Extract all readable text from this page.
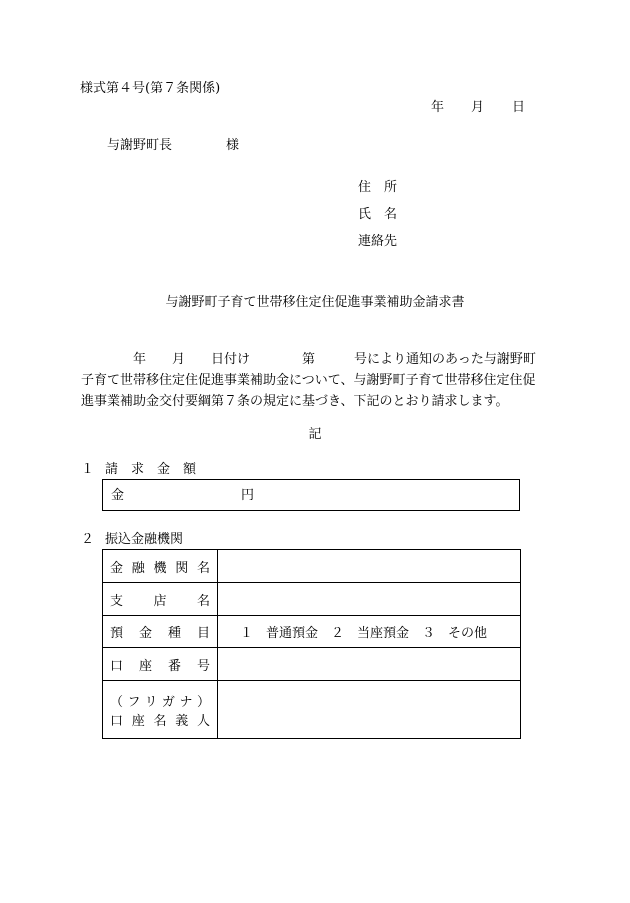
様式第４号(第７条関係)
年 月 日
与謝野町長	様
住　所
氏　名
連絡先
与謝野町子育て世帯移住定住促進事業補助金請求書
　　　　年　　月　　日付け　　　　第　　　号により通知のあった与謝野町
子育て世帯移住定住促進事業補助金について、与謝野町子育て世帯移住定住促
進事業補助金交付要綱第７条の規定に基づき、下記のとおり請求します。
記
１ 請　求　金　額
金	円
２ 振込金融機関
金融機関名	
支店名	
預金種目	１　普通預金　２　当座預金　３　その他
口座番号	
（フリガナ）
口座名義人	
